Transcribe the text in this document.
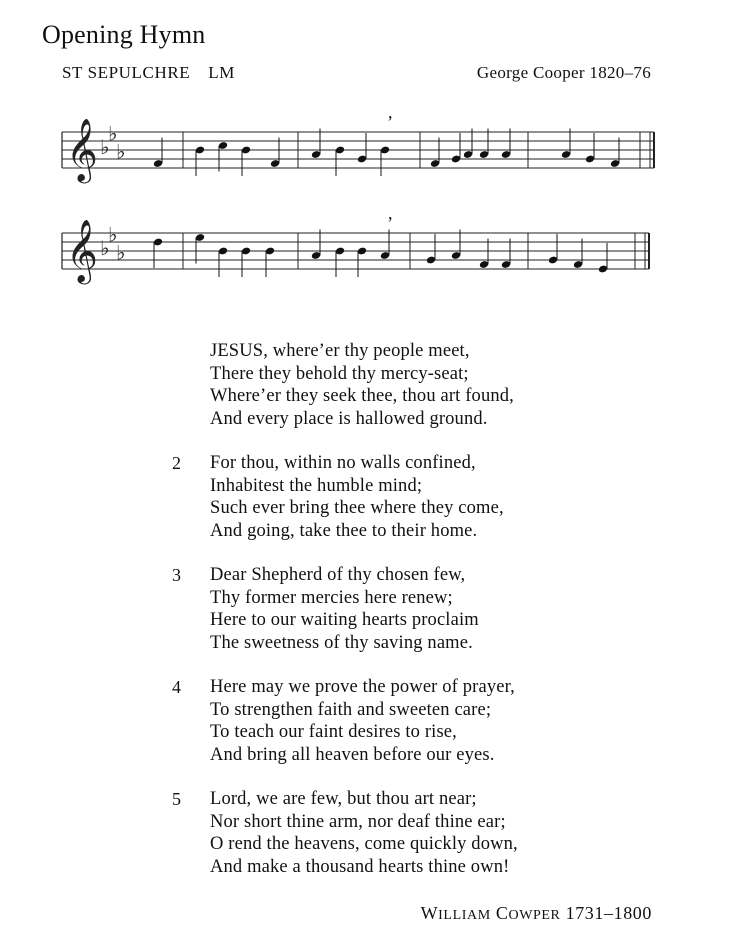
Opening Hymn
ST SEPULCHRE LM	George Cooper 1820–76
𝄞 ♭
♭
♭
,
𝄞 ♭
♭
♭
,
JESUS, where’er thy people meet,
There they behold thy mercy-seat;
Where’er they seek thee, thou art found,
And every place is hallowed ground.
2	For thou, within no walls confined,
Inhabitest the humble mind;
Such ever bring thee where they come,
And going, take thee to their home.
3	Dear Shepherd of thy chosen few,
Thy former mercies here renew;
Here to our waiting hearts proclaim
The sweetness of thy saving name.
4	Here may we prove the power of prayer,
To strengthen faith and sweeten care;
To teach our faint desires to rise,
And bring all heaven before our eyes.
5	Lord, we are few, but thou art near;
Nor short thine arm, nor deaf thine ear;
O rend the heavens, come quickly down,
And make a thousand hearts thine own!
WILLIAM COWPER 1731–1800
